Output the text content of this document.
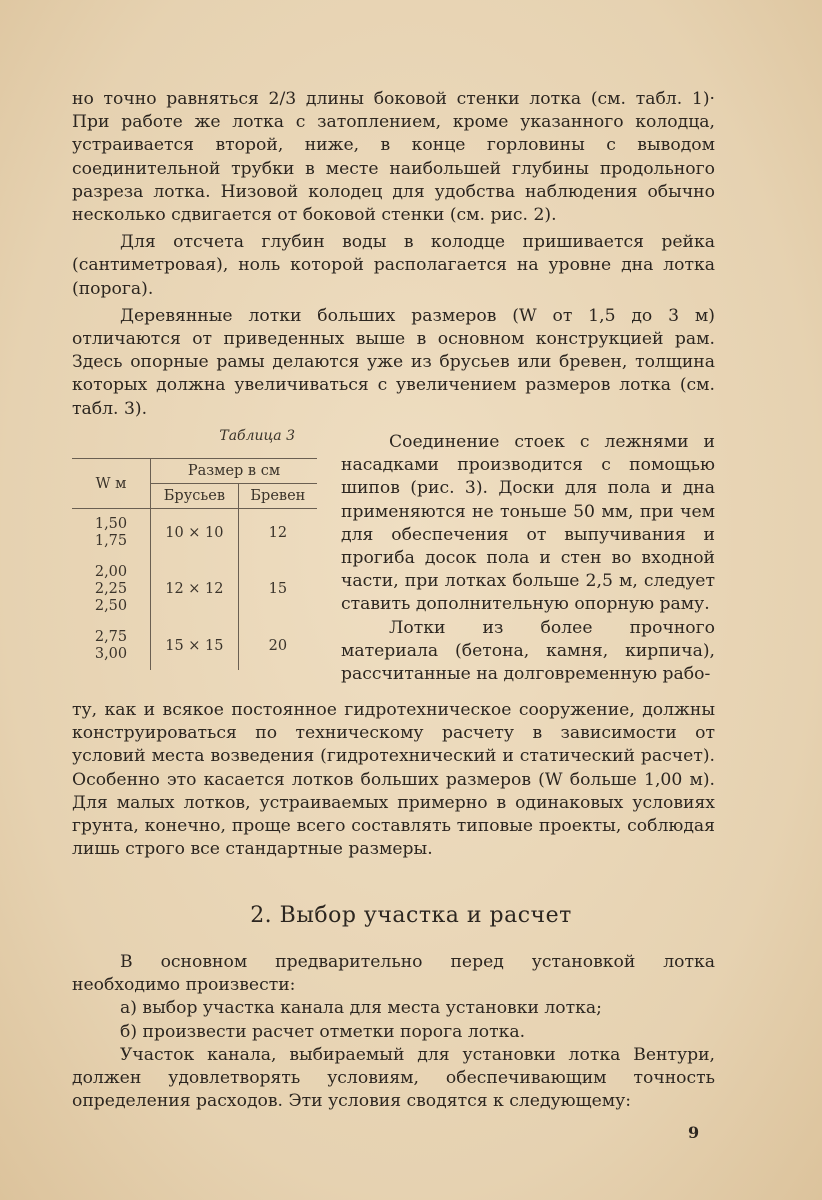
но точно равняться 2/3 длины боковой стенки лотка (см. табл. 1)· При работе же лотка с затоплением, кроме указанного колодца, устраивается второй, ниже, в конце горловины с выводом соединительной трубки в месте наибольшей глубины продольного разреза лотка. Низовой колодец для удобства наблюдения обычно несколько сдвигается от боковой стенки (см. рис. 2).

Для отсчета глубин воды в колодце пришивается рейка (сантиметровая), ноль которой располагается на уровне дна лотка (порога).

Деревянные лотки больших размеров (W от 1,5 до 3 м) отличаются от приведенных выше в основном конструкцией рам. Здесь опорные рамы делаются уже из брусьев или бревен, толщина которых должна увеличиваться с увеличением размеров лотка (см. табл. 3).

Таблица 3
W м	Размер в см	
	Брусьев	Бревен

1,50
1,75	10 × 10	12

2,00
2,25
2,50	12 × 12	15

2,75
3,00	15 × 15	20

Соединение стоек с лежнями и насадками производится с помощью шипов (рис. 3). Доски для пола и дна применяются не тоньше 50 мм, при чем для обеспечения от выпучивания и прогиба досок пола и стен во входной части, при лотках больше 2,5 м, следует ставить дополнительную опорную раму.

Лотки из более прочного материала (бетона, камня, кирпича), рассчитанные на долговременную рабо-

ту, как и всякое постоянное гидротехническое сооружение, должны конструироваться по техническому расчету в зависимости от условий места возведения (гидротехнический и статический расчет). Особенно это касается лотков больших размеров (W больше 1,00 м). Для малых лотков, устраиваемых примерно в одинаковых условиях грунта, конечно, проще всего составлять типовые проекты, соблюдая лишь строго все стандартные размеры.

2. Выбор участка и расчет

В основном предварительно перед установкой лотка необходимо произвести:

а) выбор участка канала для места установки лотка;

б) произвести расчет отметки порога лотка.

Участок канала, выбираемый для установки лотка Вентури, должен удовлетворять условиям, обеспечивающим точность определения расходов. Эти условия сводятся к следующему:

9
